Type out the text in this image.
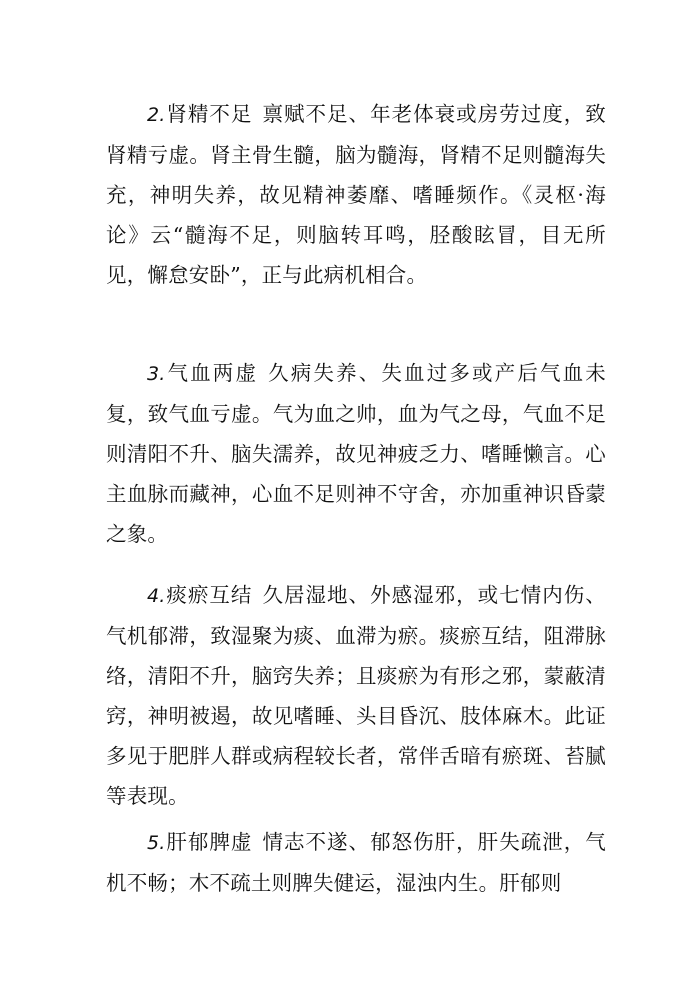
2.肾精不足 禀赋不足、年老体衰或房劳过度，致肾精亏虚。肾主骨生髓，脑为髓海，肾精不足则髓海失充，神明失养，故见精神萎靡、嗜睡频作。《灵枢·海论》云“髓海不足，则脑转耳鸣，胫酸眩冒，目无所见，懈怠安卧”，正与此病机相合。

3.气血两虚 久病失养、失血过多或产后气血未复，致气血亏虚。气为血之帅，血为气之母，气血不足则清阳不升、脑失濡养，故见神疲乏力、嗜睡懒言。心主血脉而藏神，心血不足则神不守舍，亦加重神识昏蒙之象。

4.痰瘀互结 久居湿地、外感湿邪，或七情内伤、气机郁滞，致湿聚为痰、血滞为瘀。痰瘀互结，阻滞脉络，清阳不升，脑窍失养；且痰瘀为有形之邪，蒙蔽清窍，神明被遏，故见嗜睡、头目昏沉、肢体麻木。此证多见于肥胖人群或病程较长者，常伴舌暗有瘀斑、苔腻等表现。

5.肝郁脾虚 情志不遂、郁怒伤肝，肝失疏泄，气机不畅；木不疏土则脾失健运，湿浊内生。肝郁则
